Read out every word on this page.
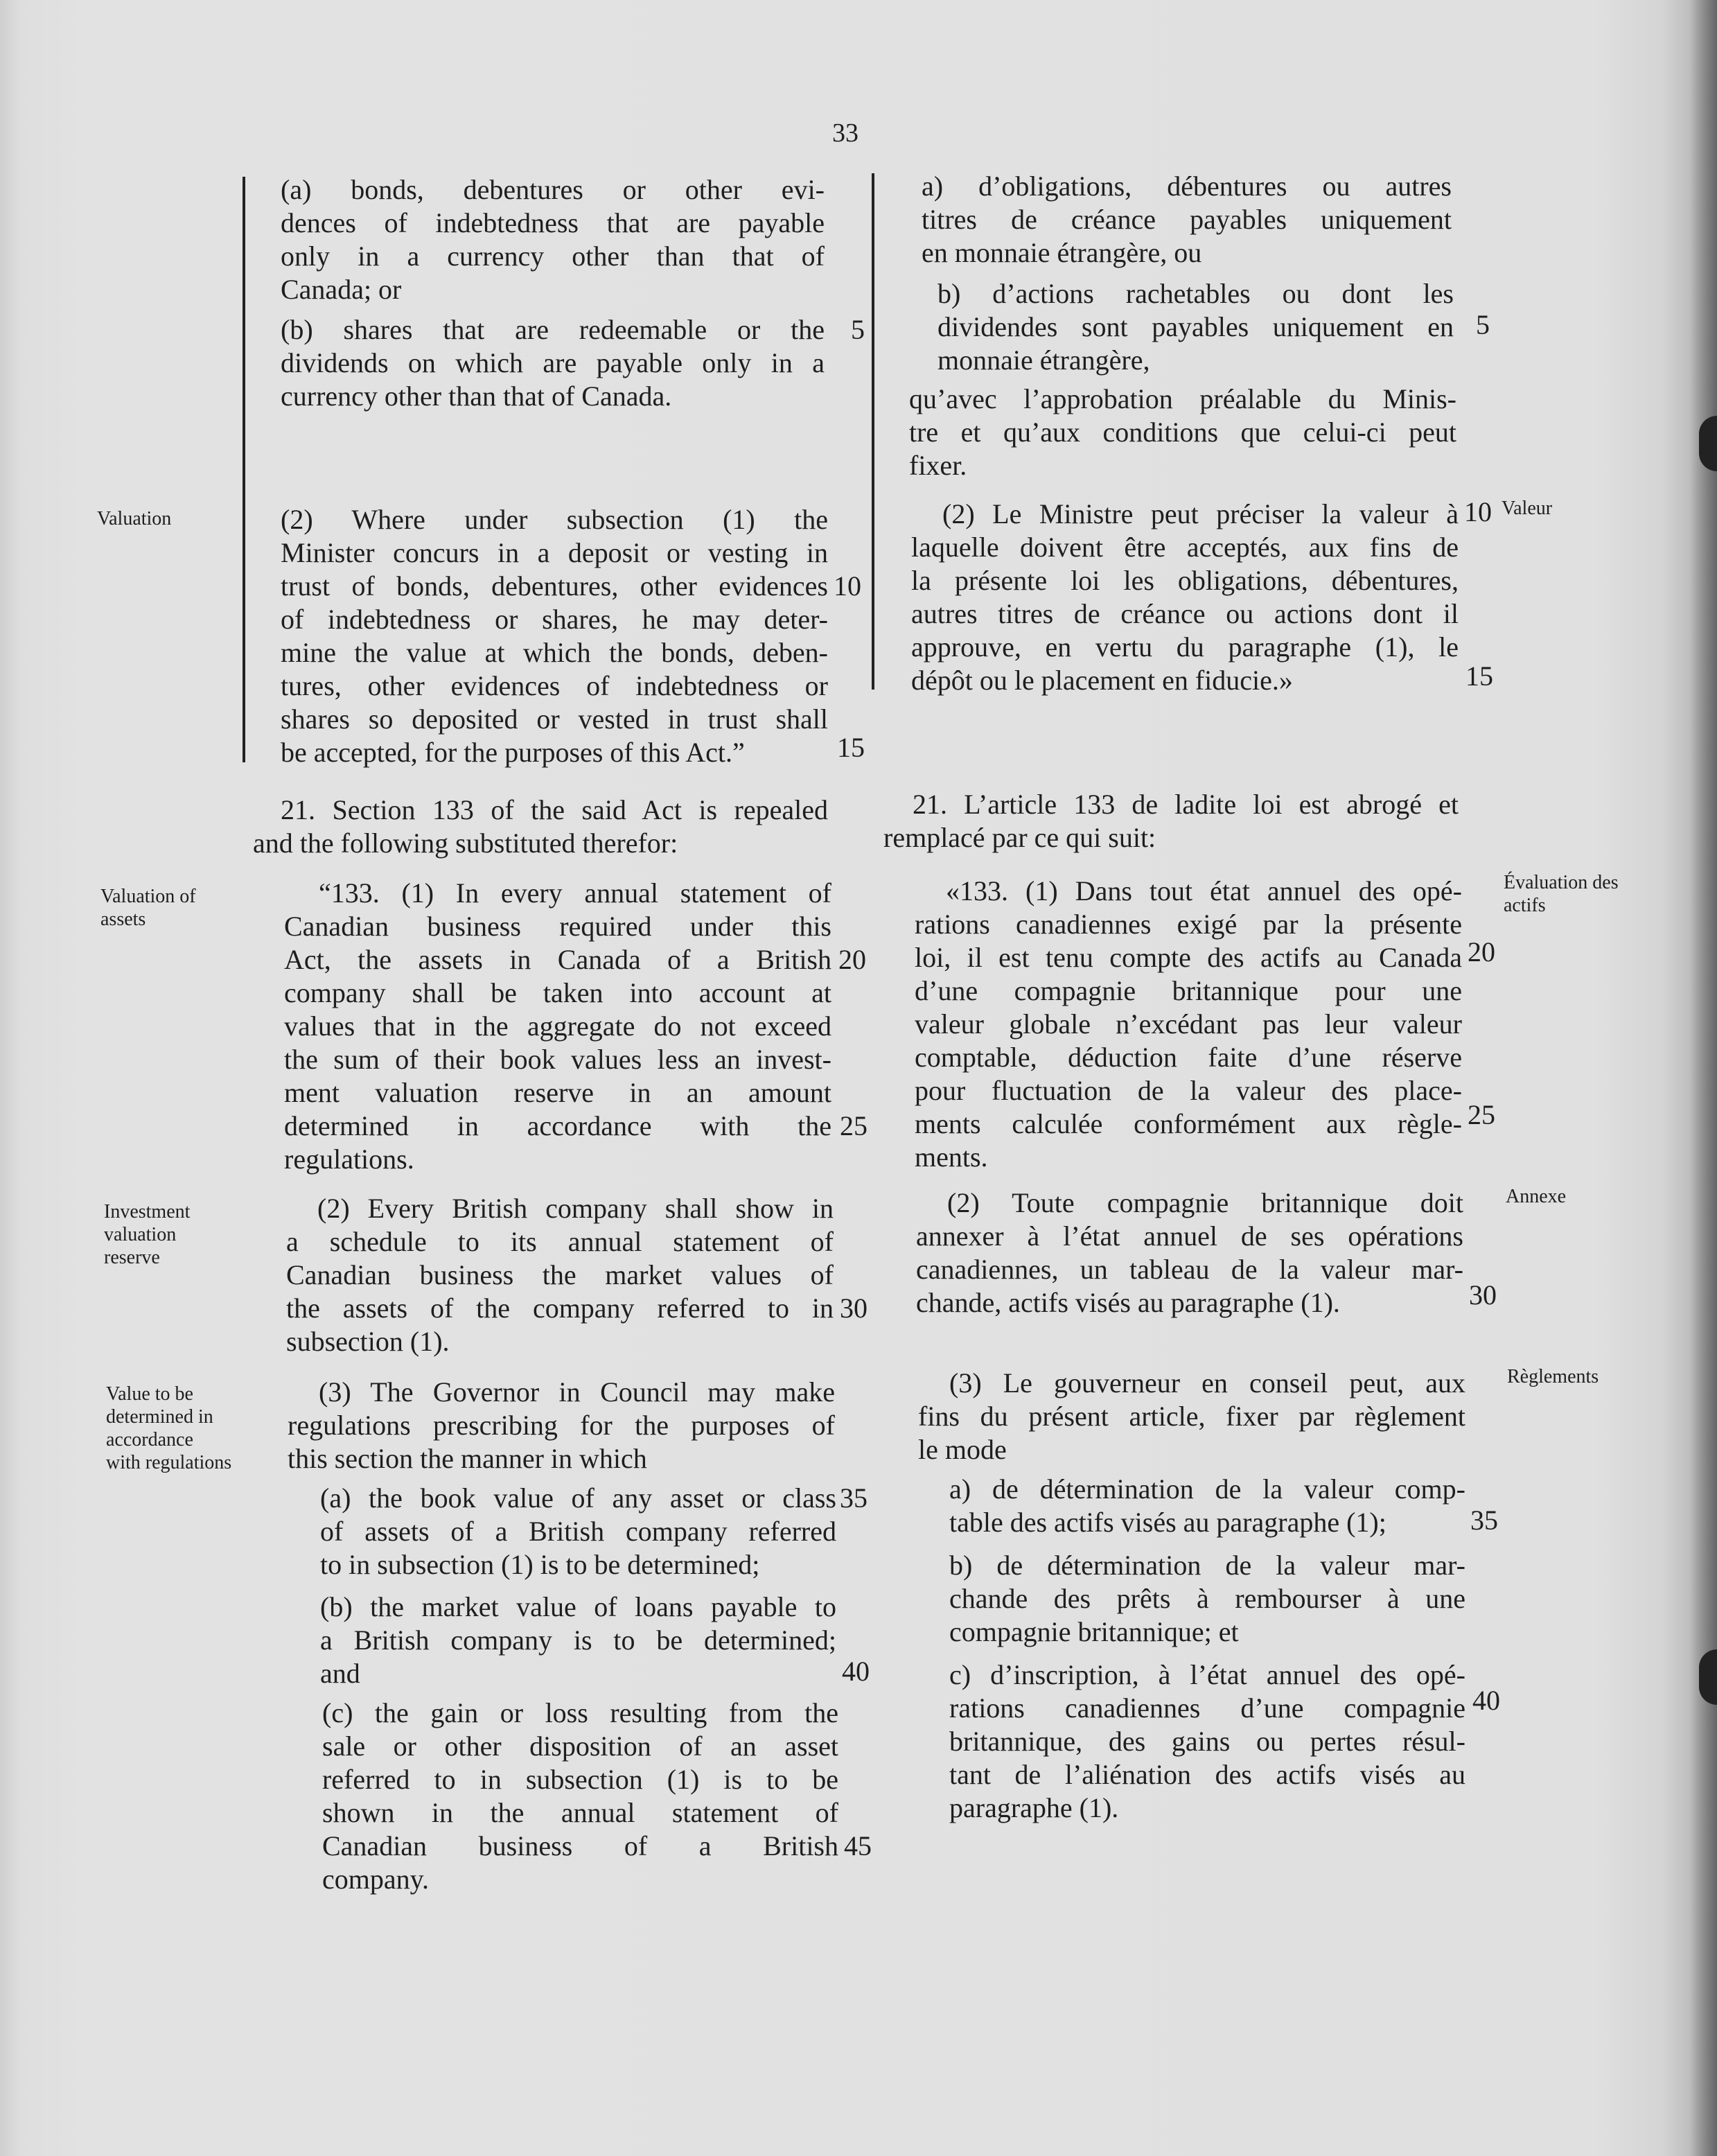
33
(a) bonds, debentures or other evi-
dences of indebtedness that are payable
only in a currency other than that of
Canada; or
(b) shares that are redeemable or the
dividends on which are payable only in a
currency other than that of Canada.
(2) Where under subsection (1) the
Minister concurs in a deposit or vesting in
trust of bonds, debentures, other evidences
of indebtedness or shares, he may deter-
mine the value at which the bonds, deben-
tures, other evidences of indebtedness or
shares so deposited or vested in trust shall
be accepted, for the purposes of this Act.”
21. Section 133 of the said Act is repealed
and the following substituted therefor:
“133. (1) In every annual statement of
Canadian business required under this
Act, the assets in Canada of a British
company shall be taken into account at
values that in the aggregate do not exceed
the sum of their book values less an invest-
ment valuation reserve in an amount
determined in accordance with the
regulations.
(2) Every British company shall show in
a schedule to its annual statement of
Canadian business the market values of
the assets of the company referred to in
subsection (1).
(3) The Governor in Council may make
regulations prescribing for the purposes of
this section the manner in which
(a) the book value of any asset or class
of assets of a British company referred
to in subsection (1) is to be determined;
(b) the market value of loans payable to
a British company is to be determined;
and
(c) the gain or loss resulting from the
sale or other disposition of an asset
referred to in subsection (1) is to be
shown in the annual statement of
Canadian business of a British
company.
5
10
15
20
25
30
35
40
45
Valuation
Valuation of
assets
Investment
valuation
reserve
Value to be
determined in
accordance
with regulations
a) d’obligations, débentures ou autres
titres de créance payables uniquement
en monnaie étrangère, ou
b) d’actions rachetables ou dont les
dividendes sont payables uniquement en
monnaie étrangère,
qu’avec l’approbation préalable du Minis-
tre et qu’aux conditions que celui-ci peut
fixer.
(2) Le Ministre peut préciser la valeur à
laquelle doivent être acceptés, aux fins de
la présente loi les obligations, débentures,
autres titres de créance ou actions dont il
approuve, en vertu du paragraphe (1), le
dépôt ou le placement en fiducie.»
21. L’article 133 de ladite loi est abrogé et
remplacé par ce qui suit:
«133. (1) Dans tout état annuel des opé-
rations canadiennes exigé par la présente
loi, il est tenu compte des actifs au Canada
d’une compagnie britannique pour une
valeur globale n’excédant pas leur valeur
comptable, déduction faite d’une réserve
pour fluctuation de la valeur des place-
ments calculée conformément aux règle-
ments.
(2) Toute compagnie britannique doit
annexer à l’état annuel de ses opérations
canadiennes, un tableau de la valeur mar-
chande, actifs visés au paragraphe (1).
(3) Le gouverneur en conseil peut, aux
fins du présent article, fixer par règlement
le mode
a) de détermination de la valeur comp-
table des actifs visés au paragraphe (1);
b) de détermination de la valeur mar-
chande des prêts à rembourser à une
compagnie britannique; et
c) d’inscription, à l’état annuel des opé-
rations canadiennes d’une compagnie
britannique, des gains ou pertes résul-
tant de l’aliénation des actifs visés au
paragraphe (1).
5
10
15
20
25
30
35
40
Valeur
Évaluation des
actifs
Annexe
Règlements
